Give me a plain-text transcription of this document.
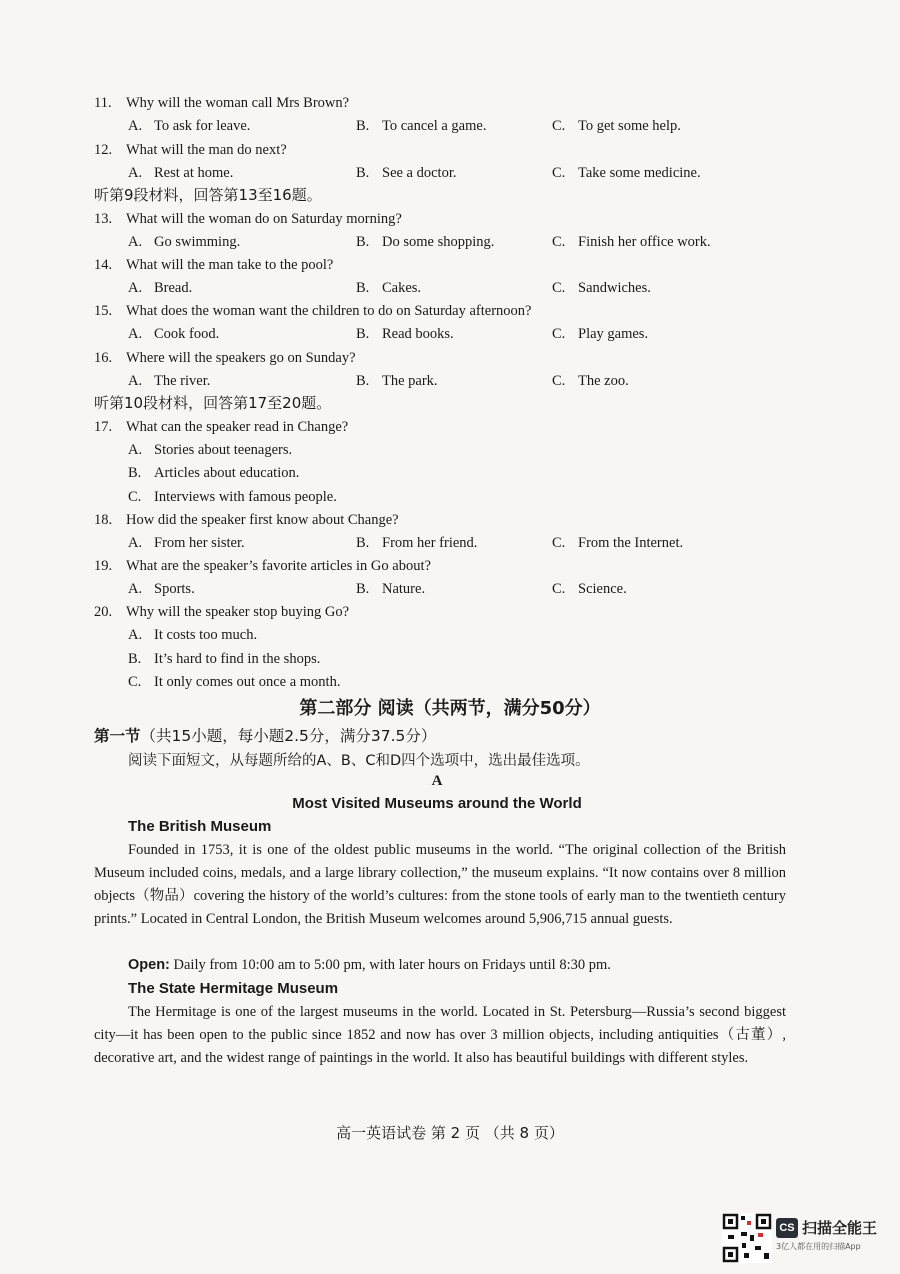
11. Why will the woman call Mrs Brown?
A. To ask for leave.	B. To cancel a game.	C. To get some help.
12. What will the man do next?
A. Rest at home.	B. See a doctor.	C. Take some medicine.
听第9段材料，回答第13至16题。
13. What will the woman do on Saturday morning?
A. Go swimming.	B. Do some shopping.	C. Finish her office work.
14. What will the man take to the pool?
A. Bread.	B. Cakes.	C. Sandwiches.
15. What does the woman want the children to do on Saturday afternoon?
A. Cook food.	B. Read books.	C. Play games.
16. Where will the speakers go on Sunday?
A. The river.	B. The park.	C. The zoo.
听第10段材料，回答第17至20题。
17. What can the speaker read in Change?
A. Stories about teenagers.
B. Articles about education.
C. Interviews with famous people.
18. How did the speaker first know about Change?
A. From her sister.	B. From her friend.	C. From the Internet.
19. What are the speaker’s favorite articles in Go about?
A. Sports.	B. Nature.	C. Science.
20. Why will the speaker stop buying Go?
A. It costs too much.
B. It’s hard to find in the shops.
C. It only comes out once a month.
第二部分 阅读（共两节，满分50分）
第一节（共15小题，每小题2.5分，满分37.5分）
阅读下面短文，从每题所给的A、B、C和D四个选项中，选出最佳选项。
A
Most Visited Museums around the World
The British Museum
Founded in 1753, it is one of the oldest public museums in the world. “The original collection of the British Museum included coins, medals, and a large library collection,” the museum explains. “It now contains over 8 million objects（物品）covering the history of the world’s cultures: from the stone tools of early man to the twentieth century prints.” Located in Central London, the British Museum welcomes around 5,906,715 annual guests.
Open: Daily from 10:00 am to 5:00 pm, with later hours on Fridays until 8:30 pm.
The State Hermitage Museum
The Hermitage is one of the largest museums in the world. Located in St. Petersburg—Russia’s second biggest city—it has been open to the public since 1852 and now has over 3 million objects, including antiquities（古董）, decorative art, and the widest range of paintings in the world. It also has beautiful buildings with different styles.
高一英语试卷 第 2 页 （共 8 页）
CS 扫描全能王
3亿人都在用的扫描App
